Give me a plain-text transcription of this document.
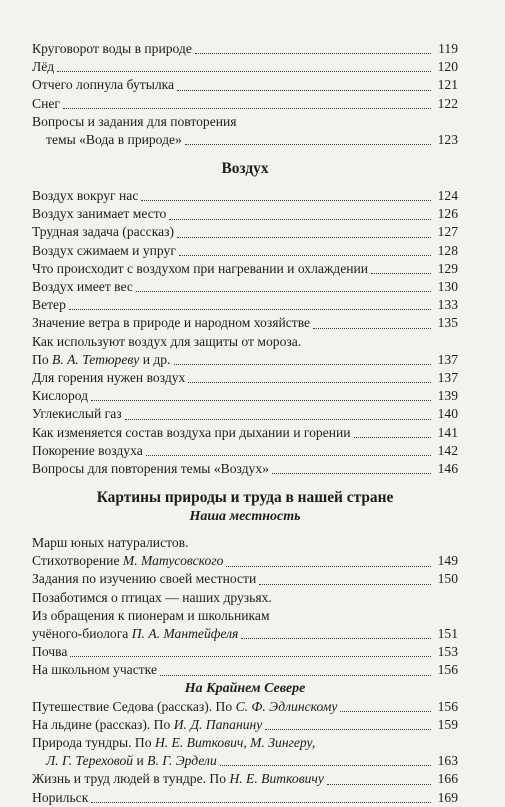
Круговорот воды в природе	119
Лёд	120
Отчего лопнула бутылка	121
Снег	122
Вопросы и задания для повторения
темы «Вода в природе»	123
Воздух
Воздух вокруг нас	124
Воздух занимает место	126
Трудная задача (рассказ)	127
Воздух сжимаем и упруг	128
Что происходит с воздухом при нагревании и охлаждении	129
Воздух имеет вес	130
Ветер	133
Значение ветра в природе и народном хозяйстве	135
Как используют воздух для защиты от мороза.
По В. А. Тетюреву и др.	137
Для горения нужен воздух	137
Кислород	139
Углекислый газ	140
Как изменяется состав воздуха при дыхании и горении	141
Покорение воздуха	142
Вопросы для повторения темы «Воздух»	146
Картины природы и труда в нашей стране
Наша местность
Марш юных натуралистов.
Стихотворение М. Матусовского	149
Задания по изучению своей местности	150
Позаботимся о птицах — наших друзьях.
Из обращения к пионерам и школьникам
учёного-биолога П. А. Мантейфеля	151
Почва	153
На школьном участке	156
На Крайнем Севере
Путешествие Седова (рассказ). По С. Ф. Эдлинскому	156
На льдине (рассказ). По И. Д. Папанину	159
Природа тундры. По Н. Е. Виткович, М. Зингеру,
Л. Г. Тереховой и В. Г. Эрдели	163
Жизнь и труд людей в тундре. По Н. Е. Витковичу	166
Норильск	169
